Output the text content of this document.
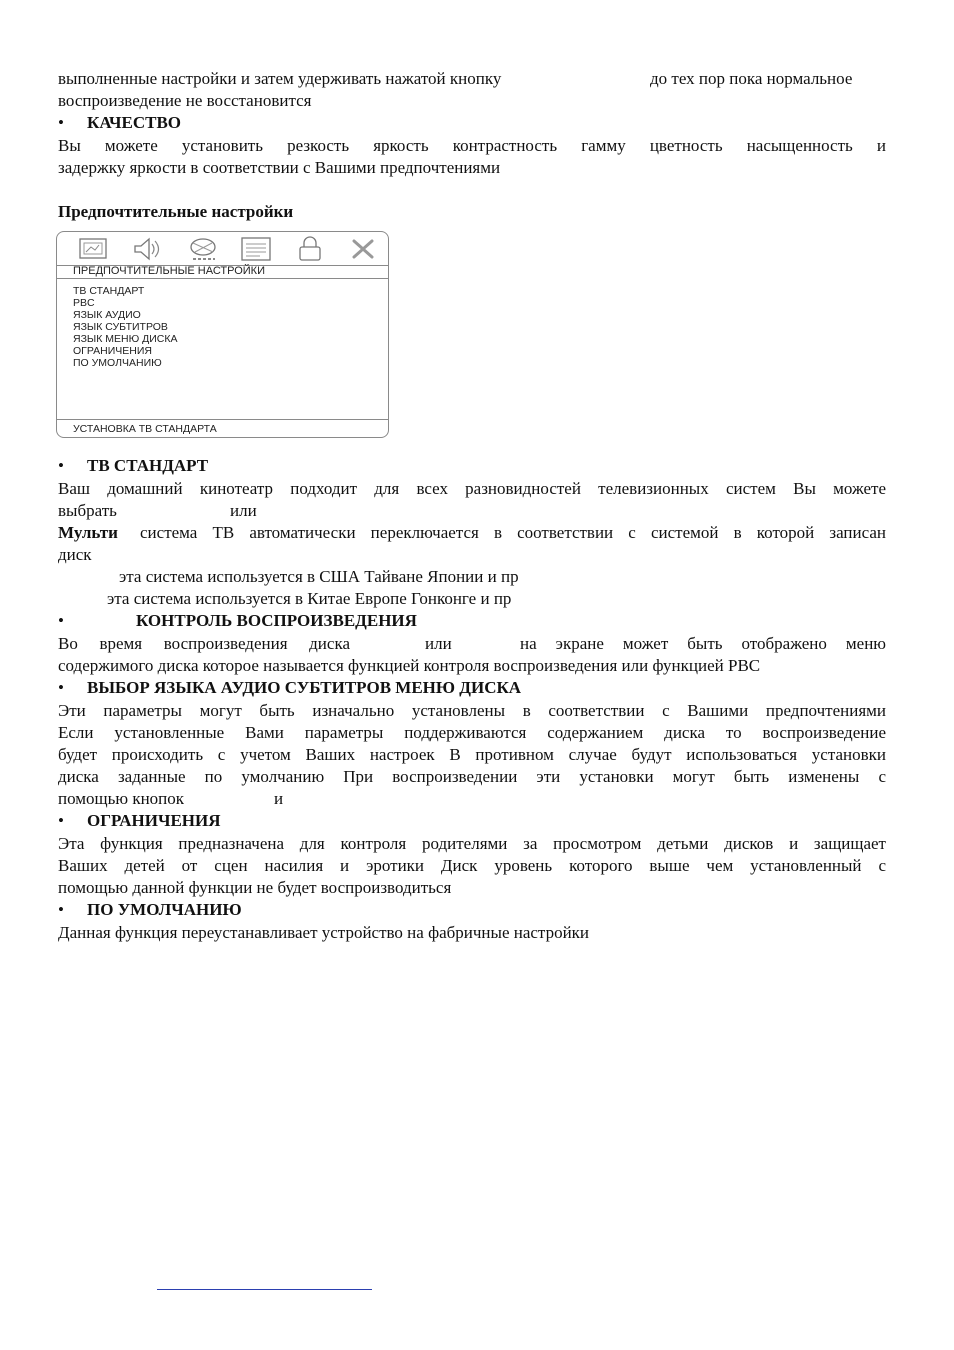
выполненные настройки и затем удерживать нажатой кнопку	до тех пор пока нормальное
воспроизведение не восстановится
• КАЧЕСТВО
Вы можете установить резкость яркость контрастность гамму цветность насыщенность и
задержку яркости в соответствии с Вашими предпочтениями
Предпочтительные настройки
ПРЕДПОЧТИТЕЛЬНЫЕ НАСТРОЙКИ
ТВ СТАНДАРТ
PBC
ЯЗЫК АУДИО
ЯЗЫК СУБТИТРОВ
ЯЗЫК МЕНЮ ДИСКА
ОГРАНИЧЕНИЯ
ПО УМОЛЧАНИЮ
УСТАНОВКА ТВ СТАНДАРТА
• ТВ СТАНДАРТ
Ваш домашний кинотеатр подходит для всех разновидностей телевизионных систем Вы можете
выбрать	или
Мульти система ТВ автоматически переключается в соответствии с системой в которой записан
диск
эта система используется в США Тайване Японии и пр
эта система используется в Китае Европе Гонконге и пр
•	КОНТРОЛЬ ВОСПРОИЗВЕДЕНИЯ
Во время воспроизведения диска	или	на экране может быть отображено меню
содержимого диска которое называется функцией контроля воспроизведения или функцией PBC
• ВЫБОР ЯЗЫКА АУДИО СУБТИТРОВ МЕНЮ ДИСКА
Эти параметры могут быть изначально установлены в соответствии с Вашими предпочтениями
Если установленные Вами параметры поддерживаются содержанием диска то воспроизведение
будет происходить с учетом Ваших настроек В противном случае будут использоваться установки
диска заданные по умолчанию При воспроизведении эти установки могут быть изменены с
помощью кнопок	и
• ОГРАНИЧЕНИЯ
Эта функция предназначена для контроля родителями за просмотром детьми дисков и защищает
Ваших детей от сцен насилия и эротики Диск уровень которого выше чем установленный с
помощью данной функции не будет воспроизводиться
• ПО УМОЛЧАНИЮ
Данная функция переустанавливает устройство на фабричные настройки
